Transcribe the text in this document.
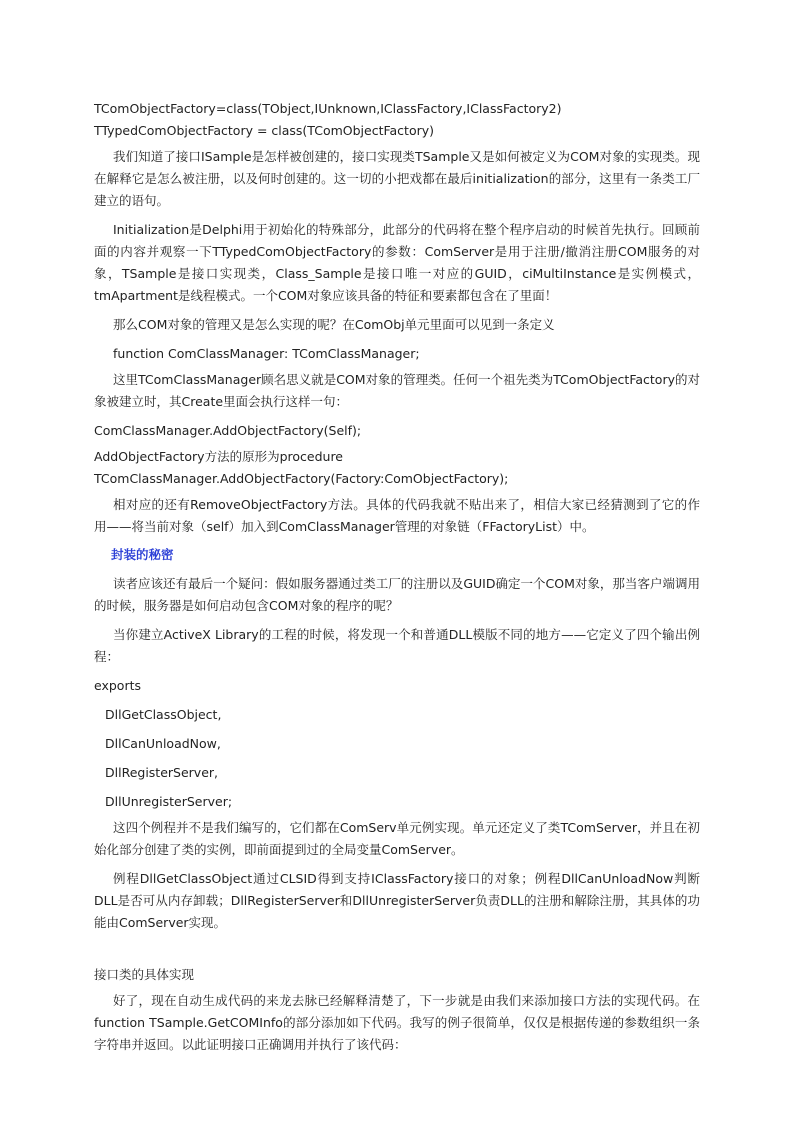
TComObjectFactory=class(TObject,IUnknown,IClassFactory,IClassFactory2)

TTypedComObjectFactory = class(TComObjectFactory)

我们知道了接口ISample是怎样被创建的，接口实现类TSample又是如何被定义为COM对象的实现类。现在解释它是怎么被注册，以及何时创建的。这一切的小把戏都在最后initialization的部分，这里有一条类工厂建立的语句。

Initialization是Delphi用于初始化的特殊部分，此部分的代码将在整个程序启动的时候首先执行。回顾前面的内容并观察一下TTypedComObjectFactory的参数：ComServer是用于注册/撤消注册COM服务的对象，TSample是接口实现类，Class_Sample是接口唯一对应的GUID，ciMultiInstance是实例模式，tmApartment是线程模式。一个COM对象应该具备的特征和要素都包含在了里面！

那么COM对象的管理又是怎么实现的呢？在ComObj单元里面可以见到一条定义

function ComClassManager: TComClassManager;

这里TComClassManager顾名思义就是COM对象的管理类。任何一个祖先类为TComObjectFactory的对象被建立时，其Create里面会执行这样一句：

ComClassManager.AddObjectFactory(Self);

AddObjectFactory方法的原形为procedure

TComClassManager.AddObjectFactory(Factory:ComObjectFactory);

相对应的还有RemoveObjectFactory方法。具体的代码我就不贴出来了，相信大家已经猜测到了它的作用——将当前对象（self）加入到ComClassManager管理的对象链（FFactoryList）中。

封装的秘密

读者应该还有最后一个疑问：假如服务器通过类工厂的注册以及GUID确定一个COM对象，那当客户端调用的时候，服务器是如何启动包含COM对象的程序的呢？

当你建立ActiveX Library的工程的时候，将发现一个和普通DLL模版不同的地方——它定义了四个输出例程：

exports

DllGetClassObject,

DllCanUnloadNow,

DllRegisterServer,

DllUnregisterServer;

这四个例程并不是我们编写的，它们都在ComServ单元例实现。单元还定义了类TComServer，并且在初始化部分创建了类的实例，即前面提到过的全局变量ComServer。

例程DllGetClassObject通过CLSID得到支持IClassFactory接口的对象；例程DllCanUnloadNow判断DLL是否可从内存卸载；DllRegisterServer和DllUnregisterServer负责DLL的注册和解除注册，其具体的功能由ComServer实现。

接口类的具体实现

好了，现在自动生成代码的来龙去脉已经解释清楚了，下一步就是由我们来添加接口方法的实现代码。在function TSample.GetCOMInfo的部分添加如下代码。我写的例子很简单，仅仅是根据传递的参数组织一条字符串并返回。以此证明接口正确调用并执行了该代码：
